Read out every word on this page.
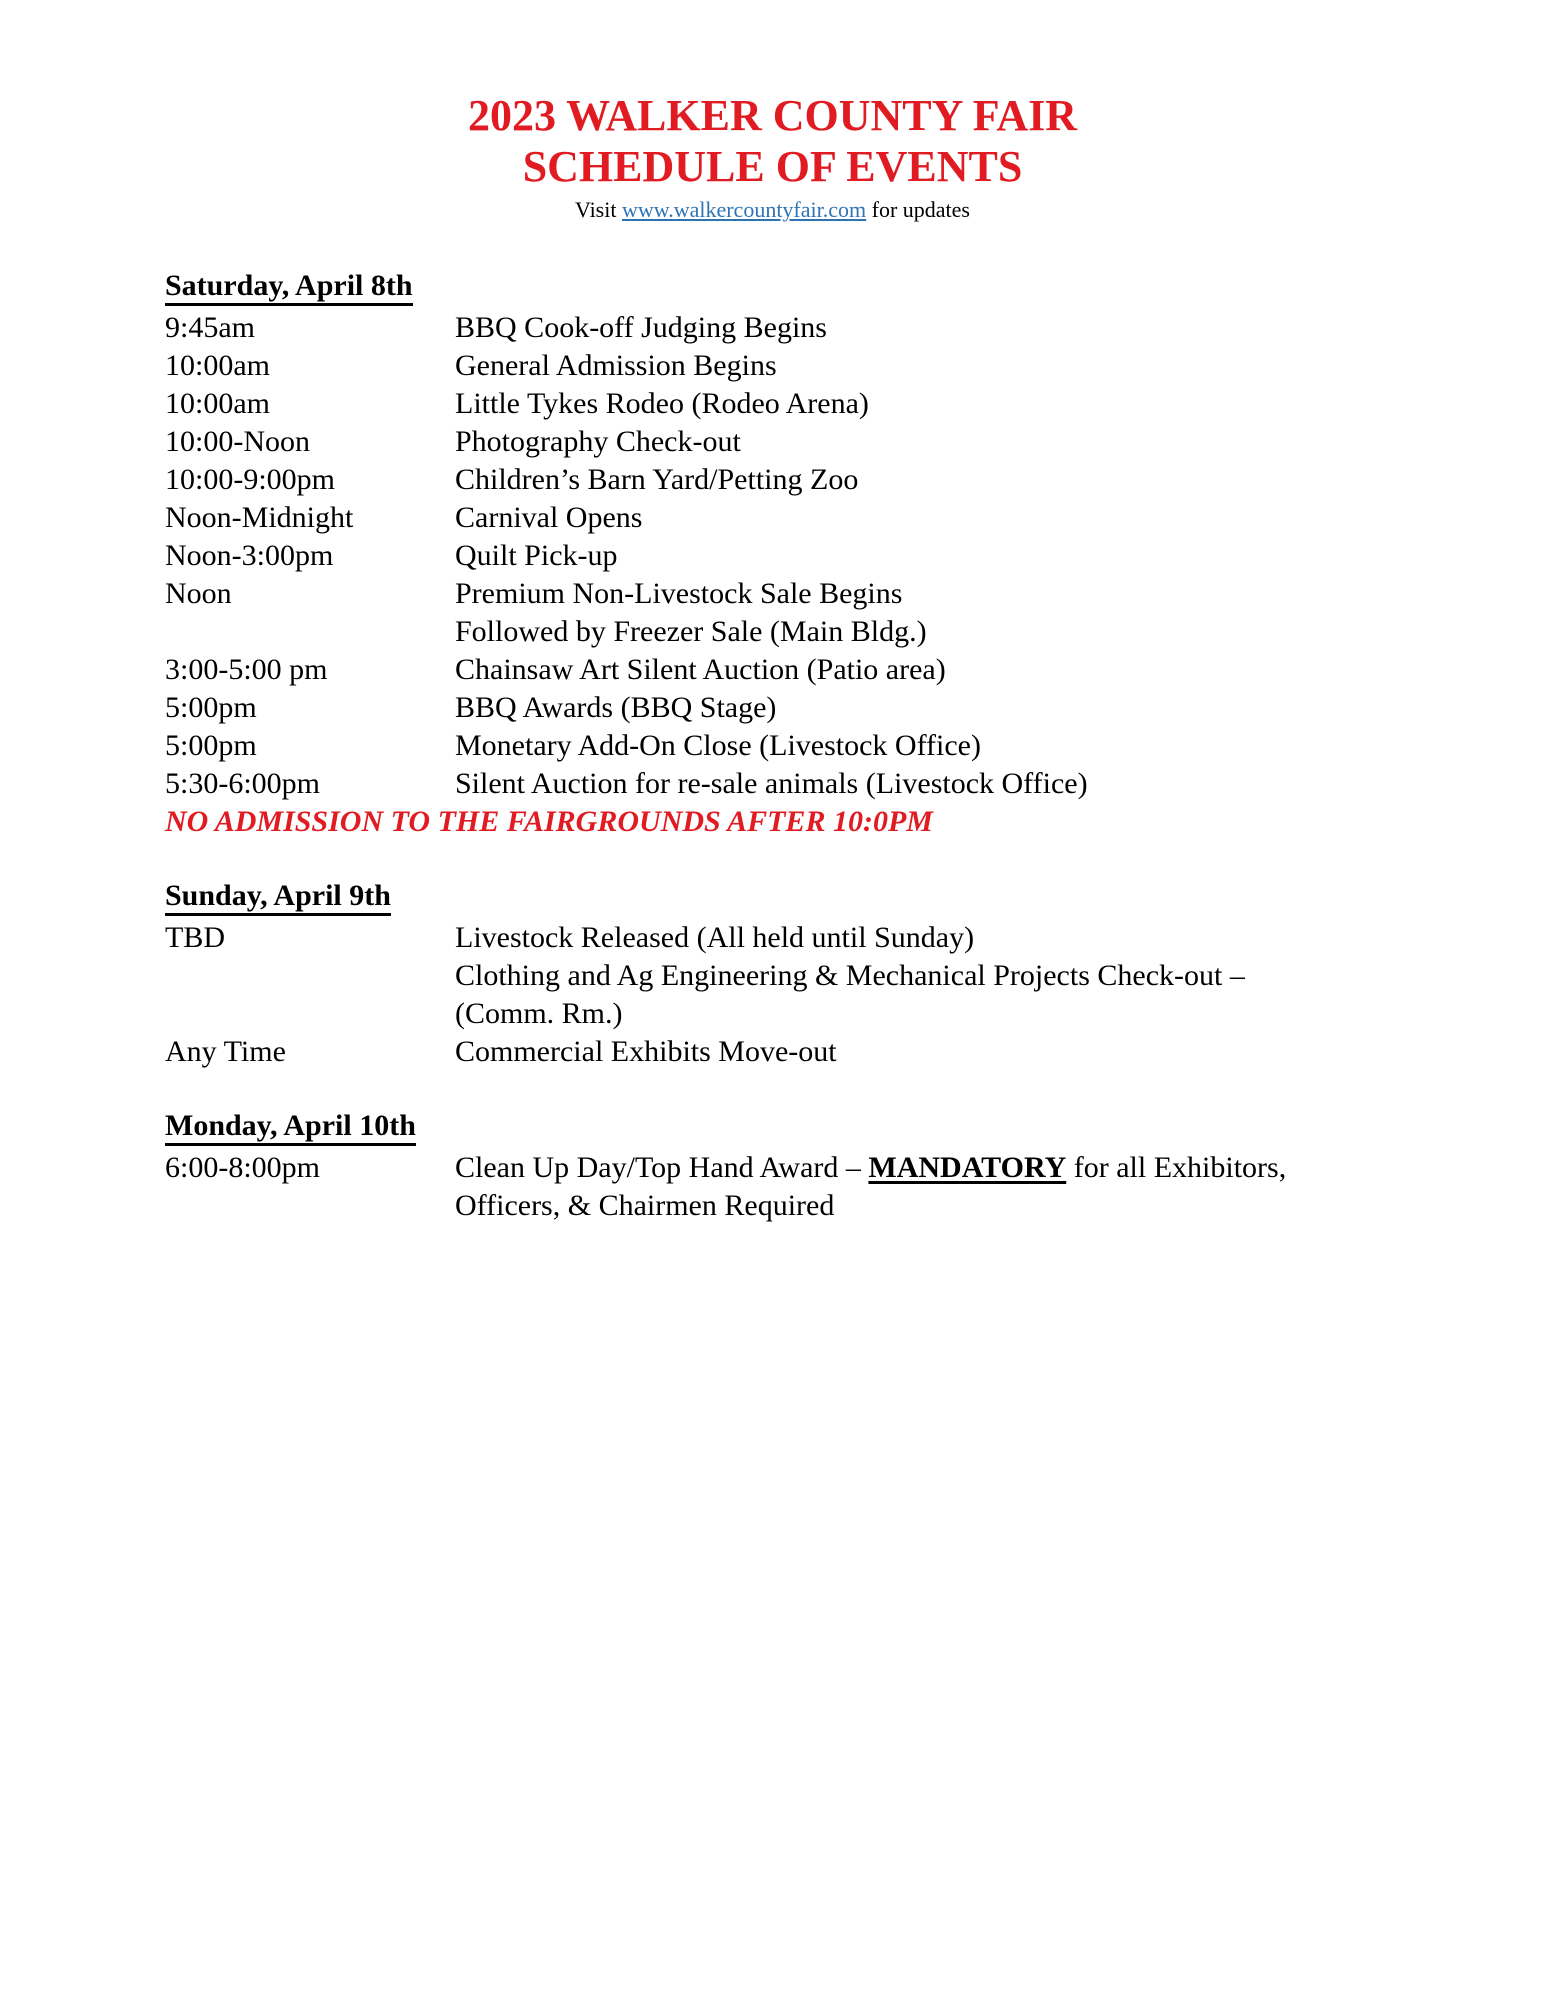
2023 WALKER COUNTY FAIR
SCHEDULE OF EVENTS
Visit www.walkercountyfair.com for updates
Saturday, April 8th
9:45am	BBQ Cook-off Judging Begins
10:00am	General Admission Begins
10:00am	Little Tykes Rodeo (Rodeo Arena)
10:00-Noon	Photography Check-out
10:00-9:00pm	Children’s Barn Yard/Petting Zoo
Noon-Midnight	Carnival Opens
Noon-3:00pm	Quilt Pick-up
Noon	Premium Non-Livestock Sale Begins
Followed by Freezer Sale (Main Bldg.)
3:00-5:00 pm	Chainsaw Art Silent Auction (Patio area)
5:00pm	BBQ Awards (BBQ Stage)
5:00pm	Monetary Add-On Close (Livestock Office)
5:30-6:00pm	Silent Auction for re-sale animals (Livestock Office)
NO ADMISSION TO THE FAIRGROUNDS AFTER 10:0PM
Sunday, April 9th
TBD	Livestock Released (All held until Sunday)
Clothing and Ag Engineering & Mechanical Projects Check-out –
(Comm. Rm.)
Any Time	Commercial Exhibits Move-out
Monday, April 10th
6:00-8:00pm	Clean Up Day/Top Hand Award – MANDATORY for all Exhibitors,
Officers, & Chairmen Required
